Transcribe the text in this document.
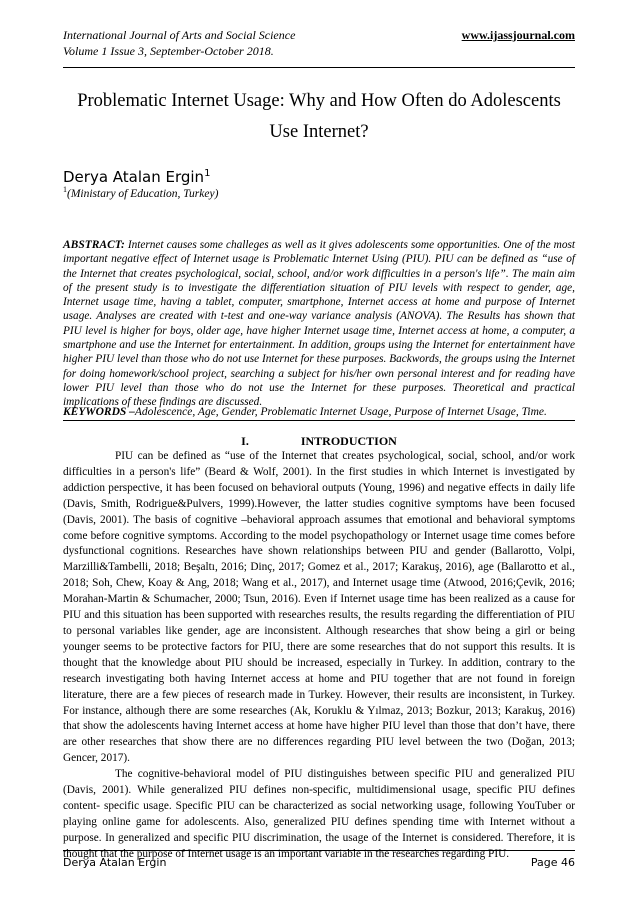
International Journal of Arts and Social Science
Volume 1 Issue 3, September-October 2018.
www.ijassjournal.com
Problematic Internet Usage: Why and How Often do Adolescents Use Internet?
Derya Atalan Ergin$^1$
$^1$(Ministary of Education, Turkey)
ABSTRACT: Internet causes some challeges as well as it gives adolescents some opportunities. One of the most important negative effect of Internet usage is Problematic Internet Using (PIU). PIU can be defined as “use of the Internet that creates psychological, social, school, and/or work difficulties in a person's life”. The main aim of the present study is to investigate the differentiation situation of PIU levels with respect to gender, age, Internet usage time, having a tablet, computer, smartphone, Internet access at home and purpose of Internet usage. Analyses are created with t-test and one-way variance analysis (ANOVA). The Results has shown that PIU level is higher for boys, older age, have higher Internet usage time, Internet access at home, a computer, a smartphone and use the Internet for entertainment. In addition, groups using the Internet for entertainment have higher PIU level than those who do not use Internet for these purposes. Backwords, the groups using the Internet for doing homework/school project, searching a subject for his/her own personal interest and for reading have lower PIU level than those who do not use the Internet for these purposes. Theoretical and practical implications of these findings are discussed.
KEYWORDS –Adolescence, Age, Gender, Problematic Internet Usage, Purpose of Internet Usage, Time.
I.	INTRODUCTION

PIU can be defined as “use of the Internet that creates psychological, social, school, and/or work difficulties in a person's life” (Beard & Wolf, 2001). In the first studies in which Internet is investigated by addiction perspective, it has been focused on behavioral outputs (Young, 1996) and negative effects in daily life (Davis, Smith, Rodrigue&Pulvers, 1999).However, the latter studies cognitive symptoms have been focused (Davis, 2001). The basis of cognitive –behavioral approach assumes that emotional and behavioral symptoms come before cognitive symptoms. According to the model psychopathology or Internet usage time comes before dysfunctional cognitions. Researches have shown relationships between PIU and gender (Ballarotto, Volpi, Marzilli&Tambelli, 2018; Beşaltı, 2016; Dinç, 2017; Gomez et al., 2017; Karakuş, 2016), age (Ballarotto et al., 2018; Soh, Chew, Koay & Ang, 2018; Wang et al., 2017), and Internet usage time (Atwood, 2016;Çevik, 2016; Morahan-Martin & Schumacher, 2000; Tsun, 2016). Even if Internet usage time has been realized as a cause for PIU and this situation has been supported with researches results, the results regarding the differentiation of PIU to personal variables like gender, age are inconsistent. Although researches that show being a girl or being younger seems to be protective factors for PIU, there are some researches that do not support this results. It is thought that the knowledge about PIU should be increased, especially in Turkey. In addition, contrary to the research investigating both having Internet access at home and PIU together that are not found in foreign literature, there are a few pieces of research made in Turkey. However, their results are inconsistent, in Turkey. For instance, although there are some researches (Ak, Koruklu & Yılmaz, 2013; Bozkur, 2013; Karakuş, 2016) that show the adolescents having Internet access at home have higher PIU level than those that don’t have, there are other researches that show there are no differences regarding PIU level between the two (Doğan, 2013; Gencer, 2017).

The cognitive-behavioral model of PIU distinguishes between specific PIU and generalized PIU (Davis, 2001). While generalized PIU defines non-specific, multidimensional usage, specific PIU defines content- specific usage. Specific PIU can be characterized as social networking usage, following YouTuber or playing online game for adolescents. Also, generalized PIU defines spending time with Internet without a purpose. In generalized and specific PIU discrimination, the usage of the Internet is considered. Therefore, it is thought that the purpose of Internet usage is an important variable in the researches regarding PIU.

Derya Atalan Ergin	Page 46
